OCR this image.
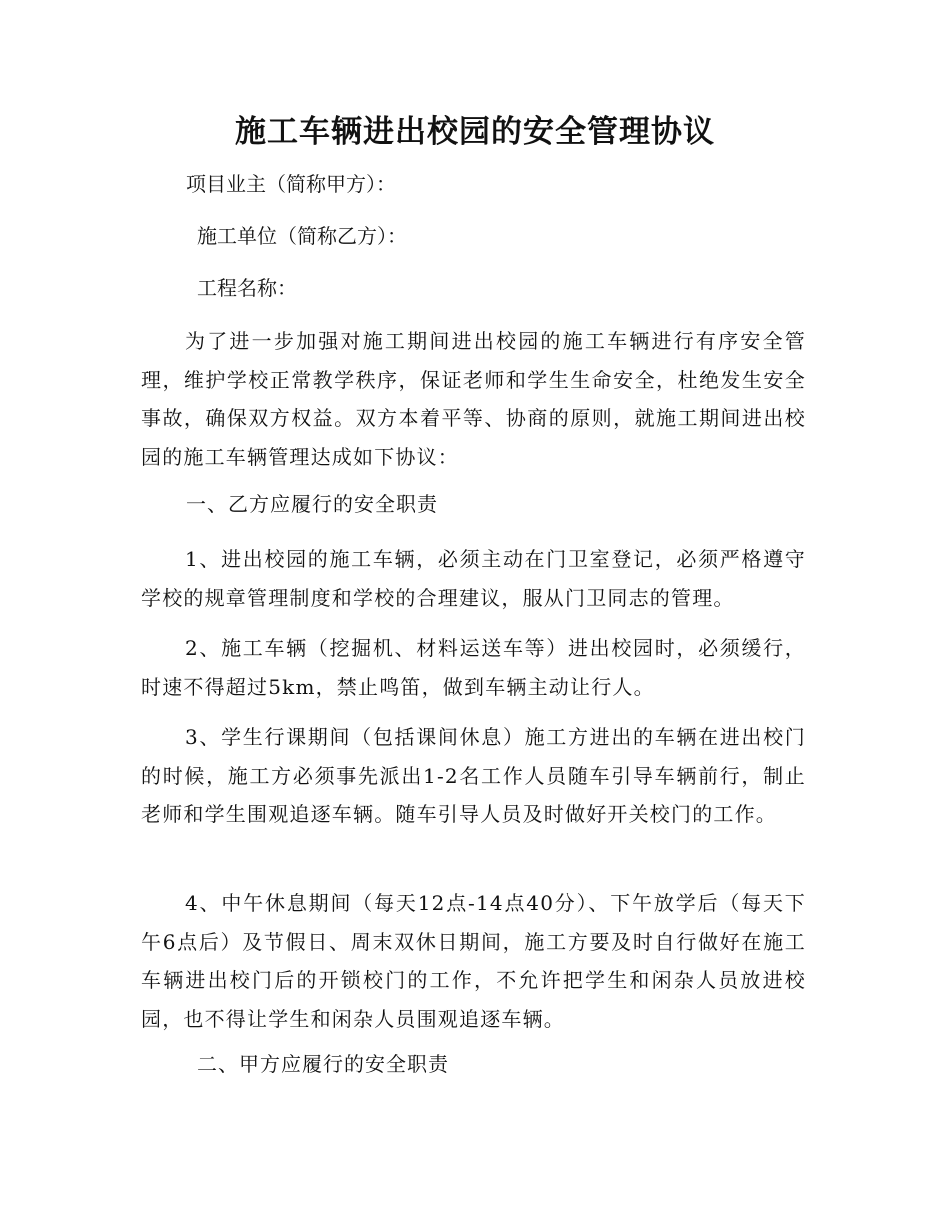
施工车辆进出校园的安全管理协议

项目业主（简称甲方）：

施工单位（简称乙方）：

工程名称：

为了进一步加强对施工期间进出校园的施工车辆进行有序安全管理，维护学校正常教学秩序，保证老师和学生生命安全，杜绝发生安全事故，确保双方权益。双方本着平等、协商的原则，就施工期间进出校园的施工车辆管理达成如下协议：

一、乙方应履行的安全职责

1、进出校园的施工车辆，必须主动在门卫室登记，必须严格遵守学校的规章管理制度和学校的合理建议，服从门卫同志的管理。

2、施工车辆（挖掘机、材料运送车等）进出校园时，必须缓行，时速不得超过5km，禁止鸣笛，做到车辆主动让行人。

3、学生行课期间（包括课间休息）施工方进出的车辆在进出校门的时候，施工方必须事先派出1-2名工作人员随车引导车辆前行，制止老师和学生围观追逐车辆。随车引导人员及时做好开关校门的工作。

4、中午休息期间（每天12点-14点40分）、下午放学后（每天下午6点后）及节假日、周末双休日期间，施工方要及时自行做好在施工车辆进出校门后的开锁校门的工作，不允许把学生和闲杂人员放进校园，也不得让学生和闲杂人员围观追逐车辆。

二、甲方应履行的安全职责
